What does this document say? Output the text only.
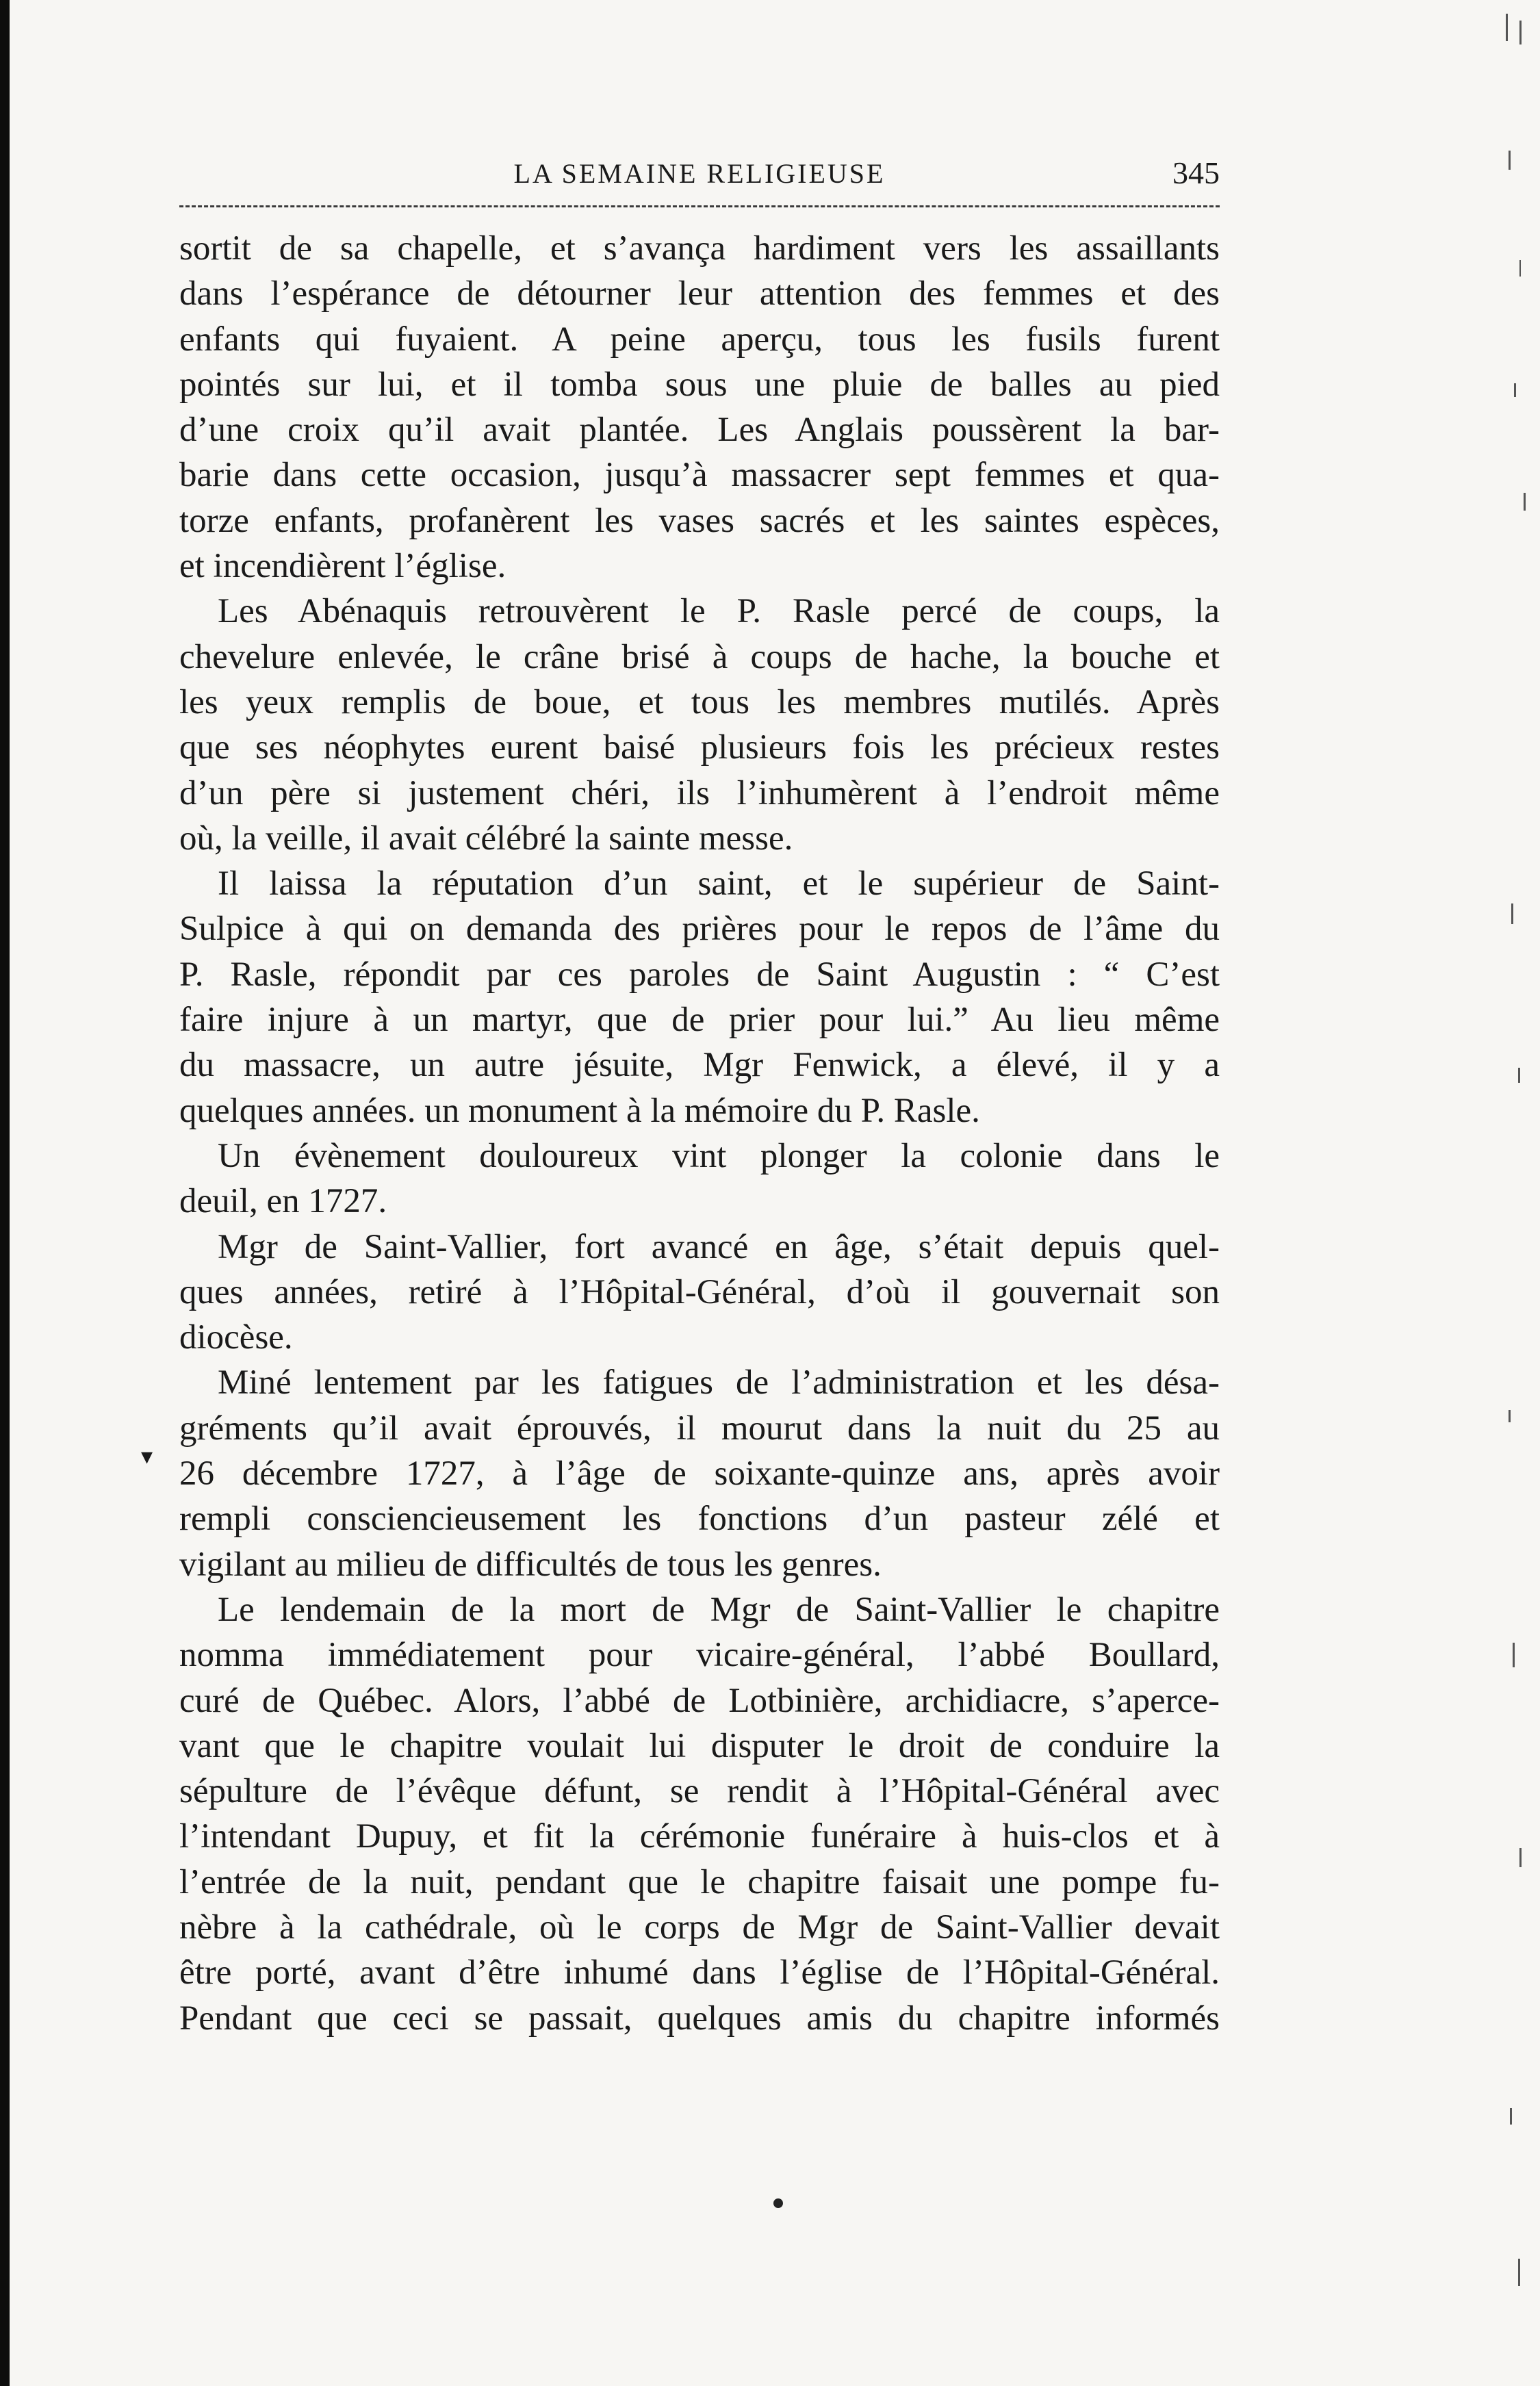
LA SEMAINE RELIGIEUSE	345
sortit de sa chapelle, et s’avança hardiment vers les assaillants
dans l’espérance de détourner leur attention des femmes et des
enfants qui fuyaient. A peine aperçu, tous les fusils furent
pointés sur lui, et il tomba sous une pluie de balles au pied
d’une croix qu’il avait plantée. Les Anglais poussèrent la bar-
barie dans cette occasion, jusqu’à massacrer sept femmes et qua-
torze enfants, profanèrent les vases sacrés et les saintes espèces,
et incendièrent l’église.
Les Abénaquis retrouvèrent le P. Rasle percé de coups, la
chevelure enlevée, le crâne brisé à coups de hache, la bouche et
les yeux remplis de boue, et tous les membres mutilés. Après
que ses néophytes eurent baisé plusieurs fois les précieux restes
d’un père si justement chéri, ils l’inhumèrent à l’endroit même
où, la veille, il avait célébré la sainte messe.
Il laissa la réputation d’un saint, et le supérieur de Saint-
Sulpice à qui on demanda des prières pour le repos de l’âme du
P. Rasle, répondit par ces paroles de Saint Augustin : “ C’est
faire injure à un martyr, que de prier pour lui.” Au lieu même
du massacre, un autre jésuite, Mgr Fenwick, a élevé, il y a
quelques années. un monument à la mémoire du P. Rasle.
Un évènement douloureux vint plonger la colonie dans le
deuil, en 1727.
Mgr de Saint-Vallier, fort avancé en âge, s’était depuis quel-
ques années, retiré à l’Hôpital-Général, d’où il gouvernait son
diocèse.
Miné lentement par les fatigues de l’administration et les désa-
gréments qu’il avait éprouvés, il mourut dans la nuit du 25 au
26 décembre 1727, à l’âge de soixante-quinze ans, après avoir
rempli consciencieusement les fonctions d’un pasteur zélé et
vigilant au milieu de difficultés de tous les genres.
Le lendemain de la mort de Mgr de Saint-Vallier le chapitre
nomma immédiatement pour vicaire-général, l’abbé Boullard,
curé de Québec. Alors, l’abbé de Lotbinière, archidiacre, s’aperce-
vant que le chapitre voulait lui disputer le droit de conduire la
sépulture de l’évêque défunt, se rendit à l’Hôpital-Général avec
l’intendant Dupuy, et fit la cérémonie funéraire à huis-clos et à
l’entrée de la nuit, pendant que le chapitre faisait une pompe fu-
nèbre à la cathédrale, où le corps de Mgr de Saint-Vallier devait
être porté, avant d’être inhumé dans l’église de l’Hôpital-Général.
Pendant que ceci se passait, quelques amis du chapitre informés
▾
